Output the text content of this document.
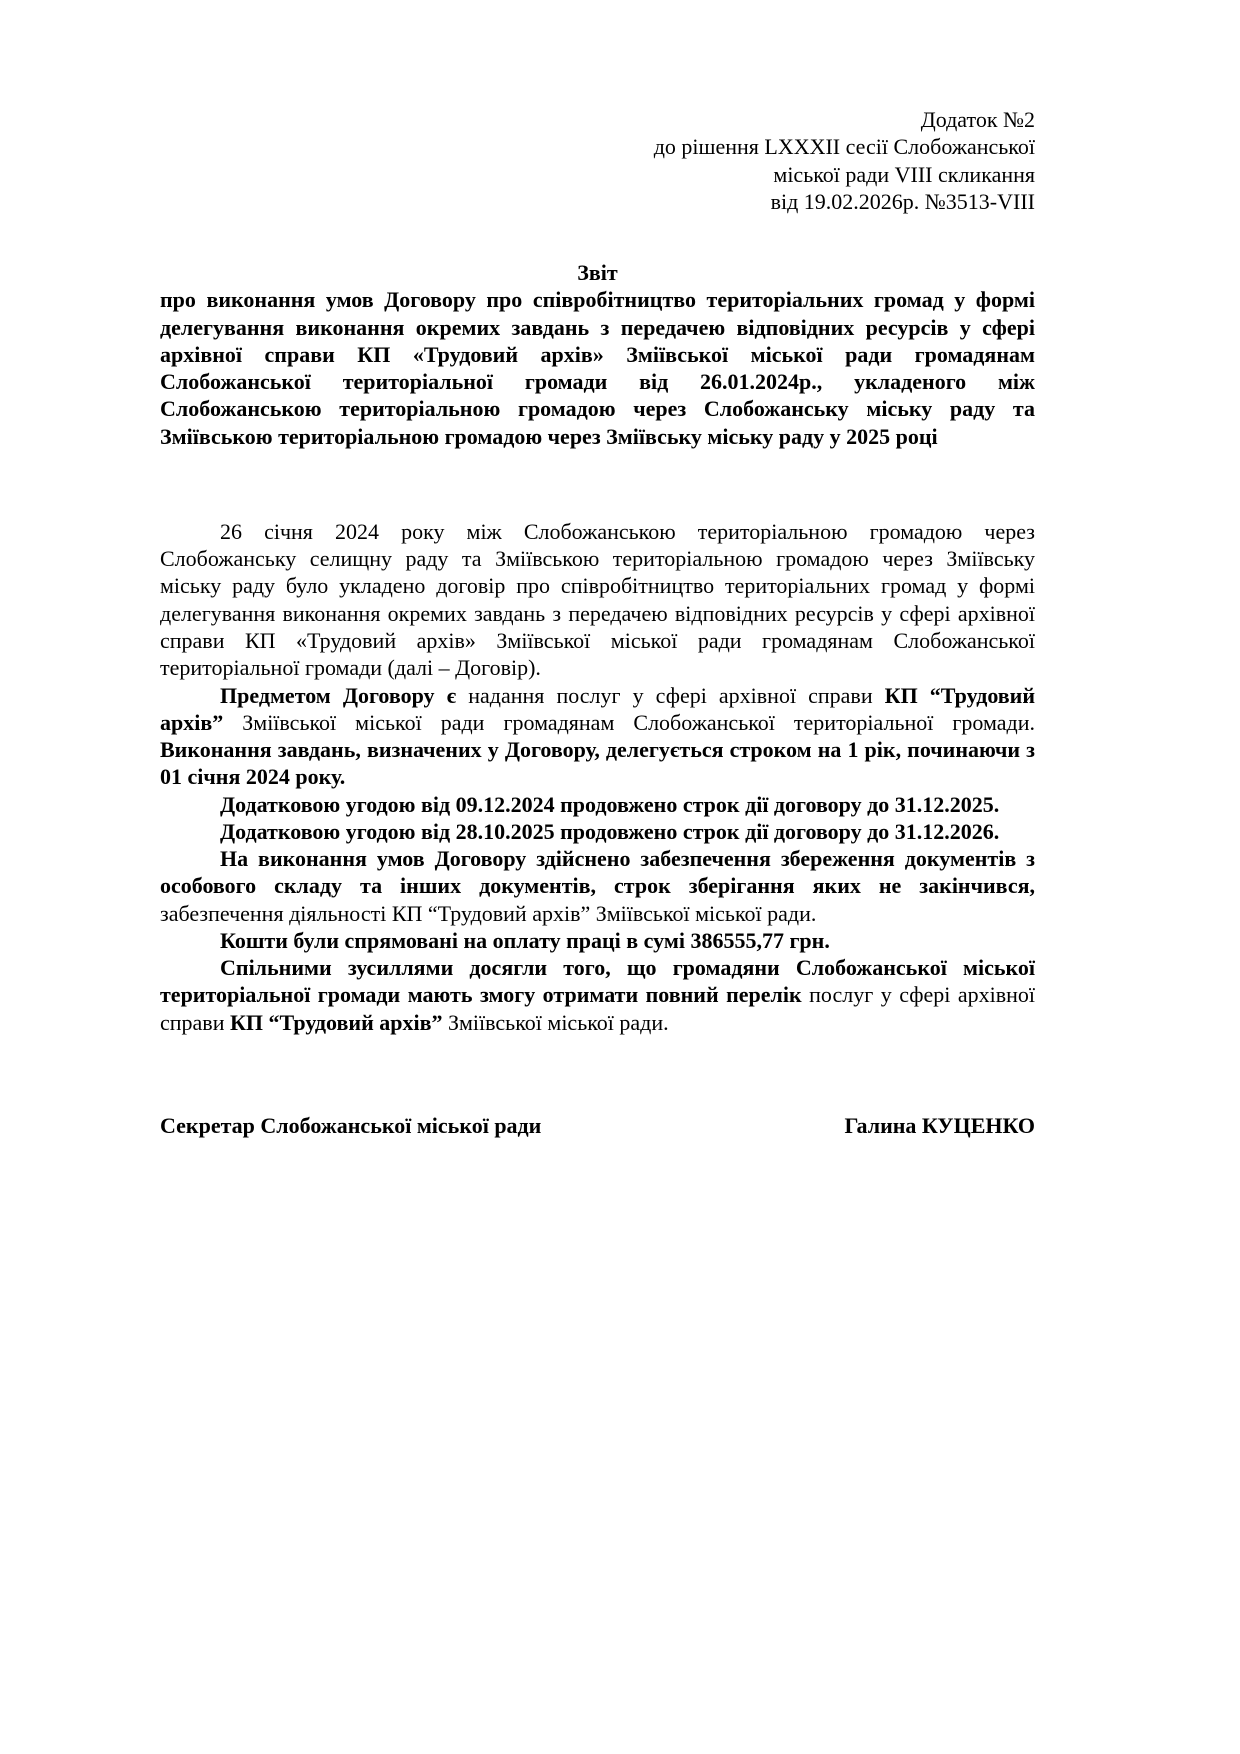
Додаток №2
до рішення LXXXII сесії Слобожанської
міської ради VIII скликання
від 19.02.2026р. №3513-VIII
Звіт

про виконання умов Договору про співробітництво територіальних громад у формі делегування виконання окремих завдань з передачею відповідних ресурсів у сфері архівної справи КП «Трудовий архів» Зміївської міської ради громадянам Слобожанської територіальної громади від 26.01.2024р., укладеного між Слобожанською територіальною громадою через Слобожанську міську раду та Зміївською територіальною громадою через Зміївську міську раду у 2025 році

26 січня 2024 року між Слобожанською територіальною громадою через Слобожанську селищну раду та Зміївською територіальною громадою через Зміївську міську раду було укладено договір про співробітництво територіальних громад у формі делегування виконання окремих завдань з передачею відповідних ресурсів у сфері архівної справи КП «Трудовий архів» Зміївської міської ради громадянам Слобожанської територіальної громади (далі – Договір).

Предметом Договору є надання послуг у сфері архівної справи КП “Трудовий архів” Зміївської міської ради громадянам Слобожанської територіальної громади. Виконання завдань, визначених у Договору, делегується строком на 1 рік, починаючи з 01 січня 2024 року.

Додатковою угодою від 09.12.2024 продовжено строк дії договору до 31.12.2025.

Додатковою угодою від 28.10.2025 продовжено строк дії договору до 31.12.2026.

На виконання умов Договору здійснено забезпечення збереження документів з особового складу та інших документів, строк зберігання яких не закінчився, забезпечення діяльності КП “Трудовий архів” Зміївської міської ради.

Кошти були спрямовані на оплату праці в сумі 386555,77 грн.

Спільними зусиллями досягли того, що громадяни Слобожанської міської територіальної громади мають змогу отримати повний перелік послуг у сфері архівної справи КП “Трудовий архів” Зміївської міської ради.

Секретар Слобожанської міської ради	Галина КУЦЕНКО
